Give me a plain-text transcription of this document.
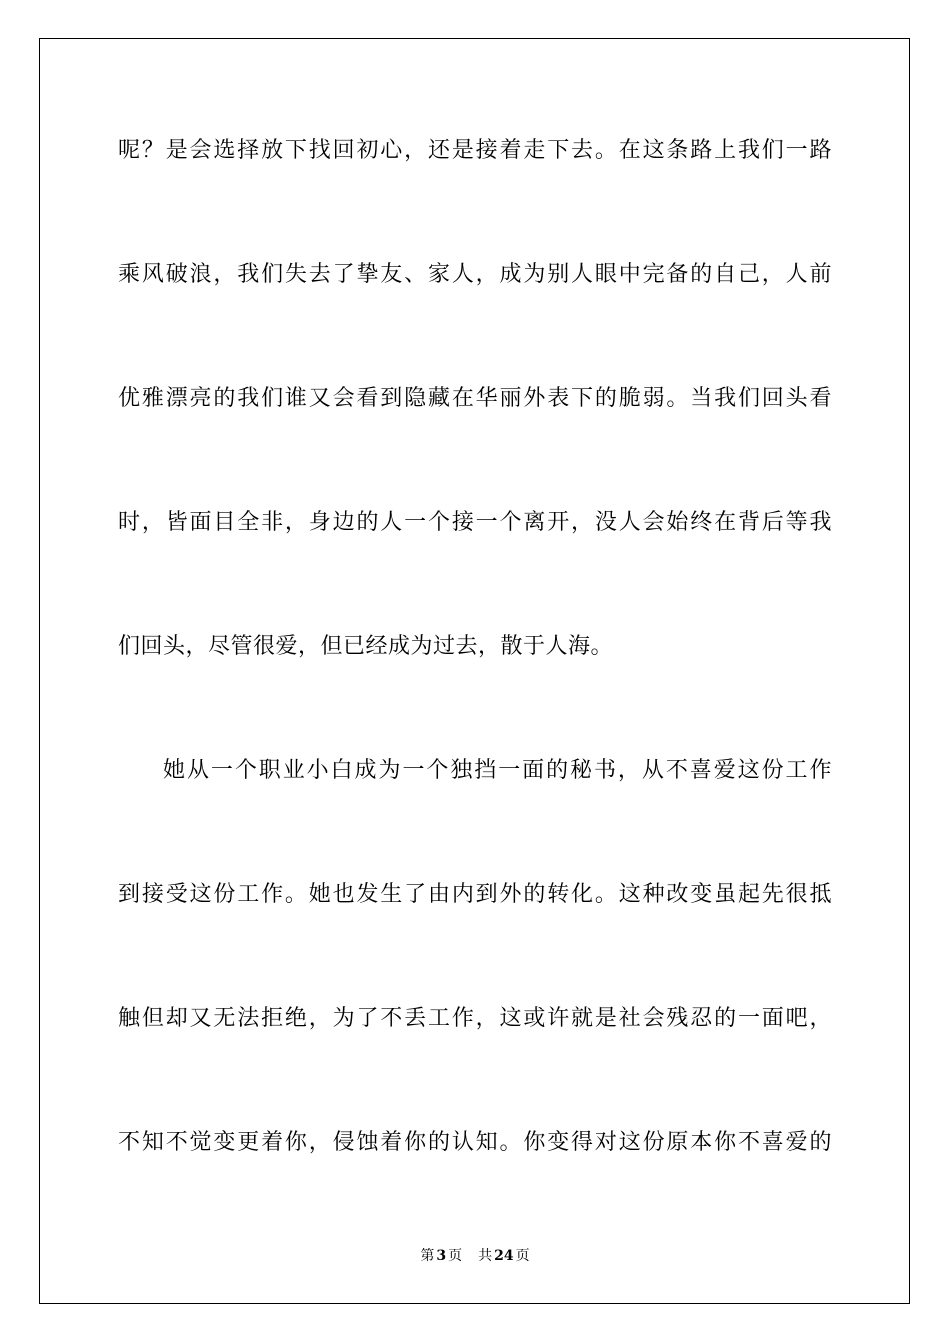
呢？是会选择放下找回初心，还是接着走下去。在这条路上我们一路
乘风破浪，我们失去了挚友、家人，成为别人眼中完备的自己，人前
优雅漂亮的我们谁又会看到隐藏在华丽外表下的脆弱。当我们回头看
时，皆面目全非，身边的人一个接一个离开，没人会始终在背后等我
们回头，尽管很爱，但已经成为过去，散于人海。
她从一个职业小白成为一个独挡一面的秘书，从不喜爱这份工作
到接受这份工作。她也发生了由内到外的转化。这种改变虽起先很抵
触但却又无法拒绝，为了不丢工作，这或许就是社会残忍的一面吧，
不知不觉变更着你，侵蚀着你的认知。你变得对这份原本你不喜爱的
第 3 页 共 24 页
